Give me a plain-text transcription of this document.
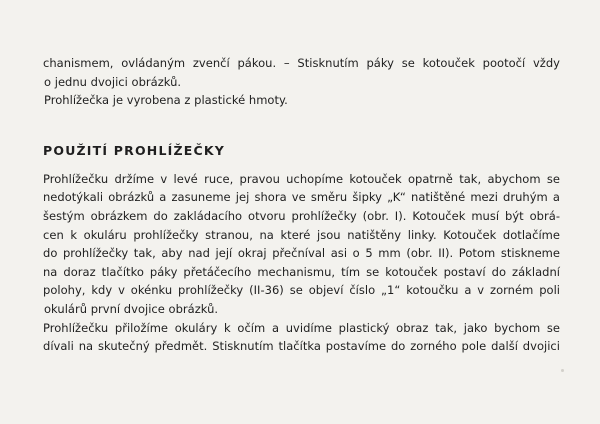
chanismem, ovládaným zvenčí pákou. – Stisknutím páky se kotouček pootočí vždy
o jednu dvojici obrázků.
Prohlížečka je vyrobena z plastické hmoty.
POUŽITÍ PROHLÍŽEČKY
Prohlížečku držíme v levé ruce, pravou uchopíme kotouček opatrně tak, abychom se
nedotýkali obrázků a zasuneme jej shora ve směru šipky „K“ natištěné mezi druhým a
šestým obrázkem do zakládacího otvoru prohlížečky (obr. I). Kotouček musí být obrá-
cen k okuláru prohlížečky stranou, na které jsou natištěny linky. Kotouček dotlačíme
do prohlížečky tak, aby nad její okraj přečníval asi o 5 mm (obr. II). Potom stiskneme
na doraz tlačítko páky přetáčecího mechanismu, tím se kotouček postaví do základní
polohy, kdy v okénku prohlížečky (II-36) se objeví číslo „1“ kotoučku a v zorném poli
okulárů první dvojice obrázků.
Prohlížečku přiložíme okuláry k očím a uvidíme plastický obraz tak, jako bychom se
dívali na skutečný předmět. Stisknutím tlačítka postavíme do zorného pole další dvojici
